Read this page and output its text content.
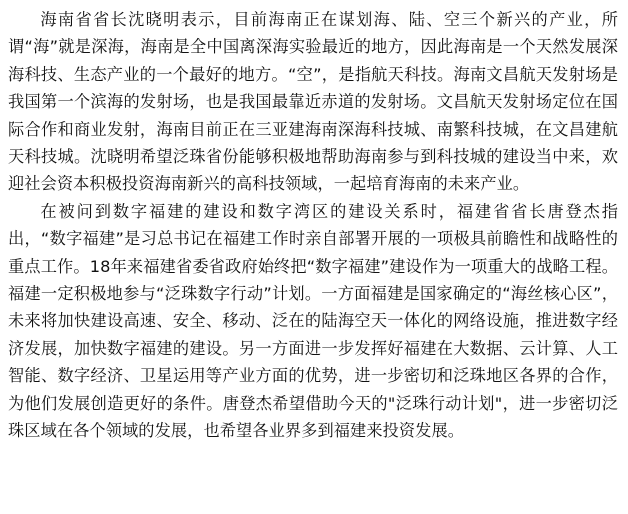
海南省省长沈晓明表示，目前海南正在谋划海、陆、空三个新兴的产业，所谓“海”就是深海，海南是全中国离深海实验最近的地方，因此海南是一个天然发展深海科技、生态产业的一个最好的地方。“空”，是指航天科技。海南文昌航天发射场是我国第一个滨海的发射场，也是我国最靠近赤道的发射场。文昌航天发射场定位在国际合作和商业发射，海南目前正在三亚建海南深海科技城、南繁科技城，在文昌建航天科技城。沈晓明希望泛珠省份能够积极地帮助海南参与到科技城的建设当中来，欢迎社会资本积极投资海南新兴的高科技领域，一起培育海南的未来产业。

在被问到数字福建的建设和数字湾区的建设关系时，福建省省长唐登杰指出，“数字福建”是习总书记在福建工作时亲自部署开展的一项极具前瞻性和战略性的重点工作。18年来福建省委省政府始终把“数字福建”建设作为一项重大的战略工程。福建一定积极地参与“泛珠数字行动”计划。一方面福建是国家确定的“海丝核心区”，未来将加快建设高速、安全、移动、泛在的陆海空天一体化的网络设施，推进数字经济发展，加快数字福建的建设。另一方面进一步发挥好福建在大数据、云计算、人工智能、数字经济、卫星运用等产业方面的优势，进一步密切和泛珠地区各界的合作，为他们发展创造更好的条件。唐登杰希望借助今天的"泛珠行动计划"，进一步密切泛珠区域在各个领域的发展，也希望各业界多到福建来投资发展。
